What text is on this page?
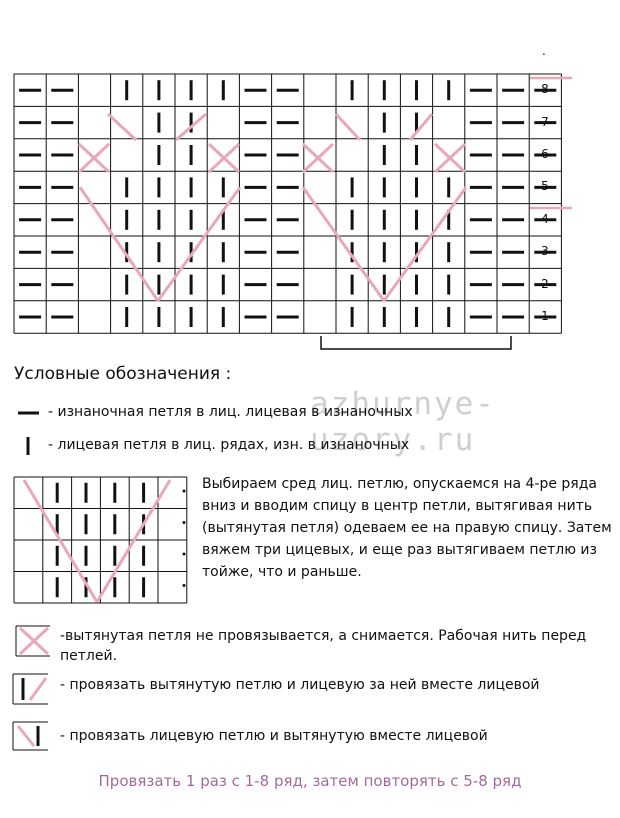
.
8
7
6
5
4
3
2
1
Условные обозначения :
azhurnye-uzory.ru
- изнаночная петля в лиц. лицевая в изнаночных
- лицевая петля в лиц. рядах, изн. в изнаночных
Выбираем сред лиц. петлю, опускаемся на 4-ре ряда вниз и вводим спицу в центр петли, вытягивая нить (вытянутая петля) одеваем ее на правую спицу. Затем вяжем три цицевых, и еще раз вытягиваем петлю из тойже, что и раньше.
-вытянутая петля не провязывается, а снимается. Рабочая нить перед петлей.
- провязать вытянутую петлю и лицевую за ней вместе лицевой
- провязать лицевую петлю и вытянутую вместе лицевой
Провязать 1 раз с 1-8 ряд, затем повторять с 5-8 ряд
